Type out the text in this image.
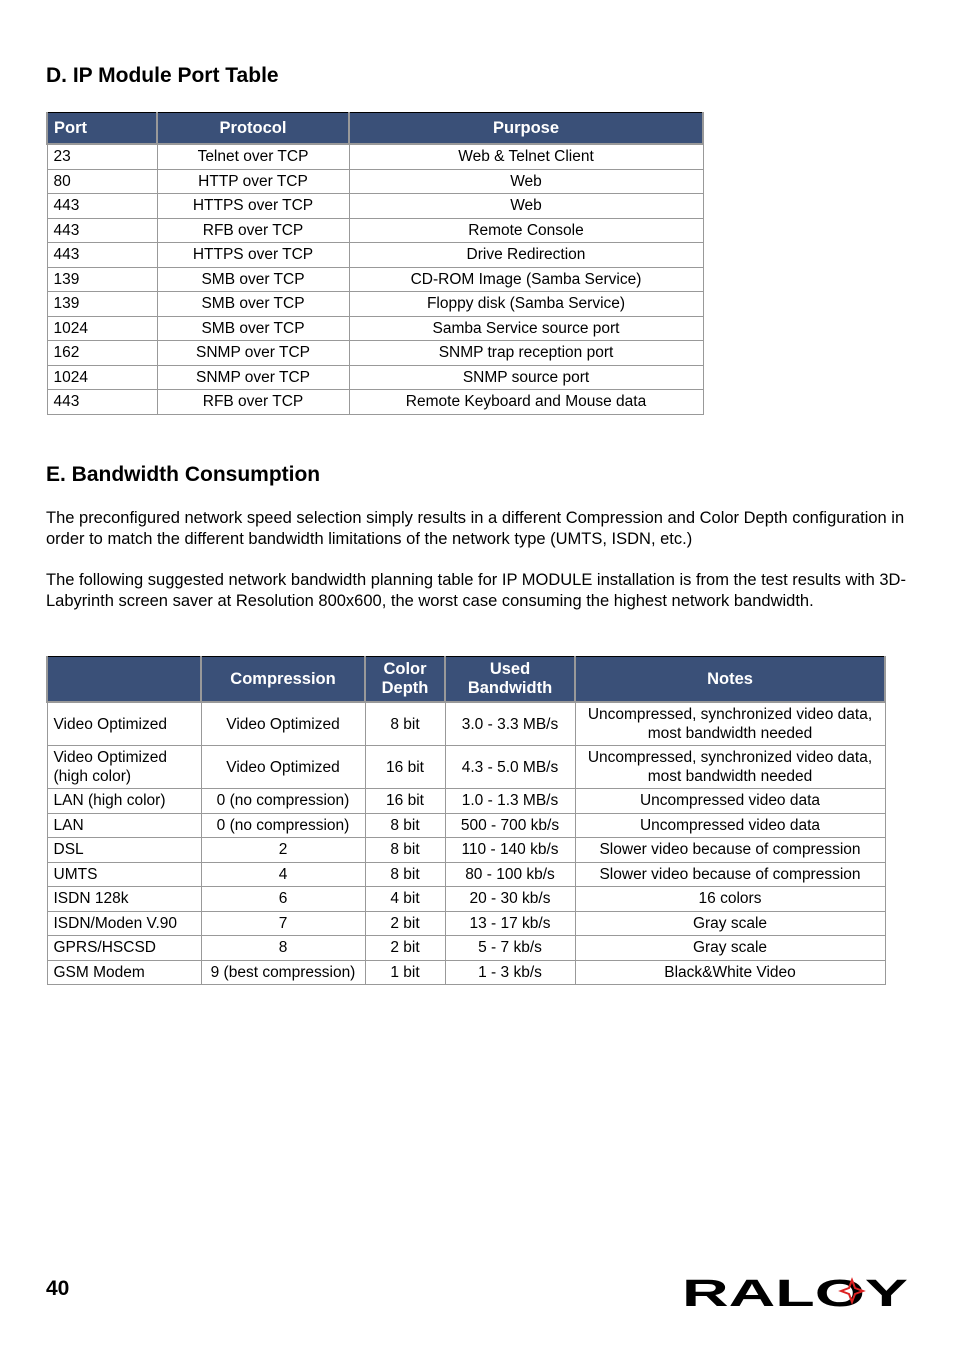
D. IP Module Port Table
Port	Protocol	Purpose
23	Telnet over TCP	Web & Telnet Client
80	HTTP over TCP	Web
443	HTTPS over TCP	Web
443	RFB over TCP	Remote Console
443	HTTPS over TCP	Drive Redirection
139	SMB over TCP	CD-ROM Image (Samba Service)
139	SMB over TCP	Floppy disk (Samba Service)
1024	SMB over TCP	Samba Service source port
162	SNMP over TCP	SNMP trap reception port
1024	SNMP over TCP	SNMP source port
443	RFB over TCP	Remote Keyboard and Mouse data
E. Bandwidth Consumption

The preconfigured network speed selection simply results in a different Compression and Color Depth configuration in order to match the different bandwidth limitations of the network type (UMTS, ISDN, etc.)

The following suggested network bandwidth planning table for IP MODULE installation is from the test results with 3D-Labyrinth screen saver at Resolution 800x600, the worst case consuming the highest network bandwidth.

	Compression	Color Depth	Used Bandwidth	Notes
Video Optimized	Video Optimized	8 bit	3.0 - 3.3 MB/s	Uncompressed, synchronized video data, most bandwidth needed
Video Optimized (high color)	Video Optimized	16 bit	4.3 - 5.0 MB/s	Uncompressed, synchronized video data, most bandwidth needed
LAN (high color)	0 (no compression)	16 bit	1.0 - 1.3 MB/s	Uncompressed video data
LAN	0 (no compression)	8 bit	500 - 700 kb/s	Uncompressed video data
DSL	2	8 bit	110 - 140 kb/s	Slower video because of compression
UMTS	4	8 bit	80 - 100 kb/s	Slower video because of compression
ISDN 128k	6	4 bit	20 - 30 kb/s	16 colors
ISDN/Moden V.90	7	2 bit	13 - 17 kb/s	Gray scale
GPRS/HSCSD	8	2 bit	5 - 7 kb/s	Gray scale
GSM Modem	9 (best compression)	1 bit	1 - 3 kb/s	Black&White Video
40	RALOY
